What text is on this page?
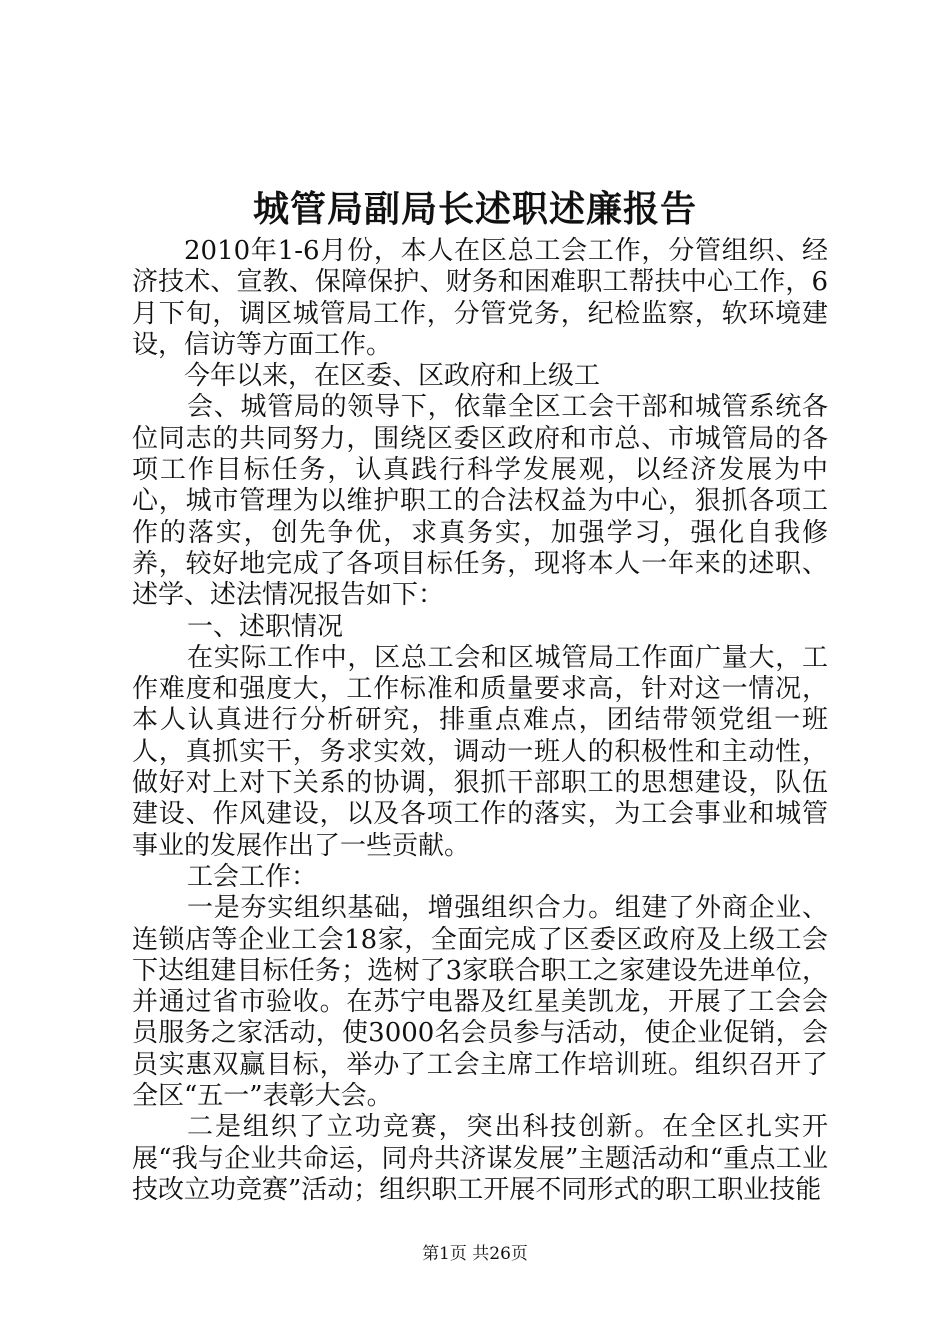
城管局副局长述职述廉报告

2010年1-6月份，本人在区总工会工作，分管组织、经济技术、宣教、保障保护、财务和困难职工帮扶中心工作，6月下旬，调区城管局工作，分管党务，纪检监察，软环境建设，信访等方面工作。

今年以来，在区委、区政府和上级工

会、城管局的领导下，依靠全区工会干部和城管系统各位同志的共同努力，围绕区委区政府和市总、市城管局的各项工作目标任务，认真践行科学发展观，以经济发展为中心，城市管理为以维护职工的合法权益为中心，狠抓各项工作的落实，创先争优，求真务实，加强学习，强化自我修养，较好地完成了各项目标任务，现将本人一年来的述职、述学、述法情况报告如下：

一、述职情况

在实际工作中，区总工会和区城管局工作面广量大，工作难度和强度大，工作标准和质量要求高，针对这一情况，本人认真进行分析研究，排重点难点，团结带领党组一班人，真抓实干，务求实效，调动一班人的积极性和主动性，做好对上对下关系的协调，狠抓干部职工的思想建设，队伍建设、作风建设，以及各项工作的落实，为工会事业和城管事业的发展作出了一些贡献。

工会工作：

一是夯实组织基础，增强组织合力。组建了外商企业、连锁店等企业工会18家，全面完成了区委区政府及上级工会下达组建目标任务；选树了3家联合职工之家建设先进单位，并通过省市验收。在苏宁电器及红星美凯龙，开展了工会会员服务之家活动，使3000名会员参与活动，使企业促销，会员实惠双赢目标，举办了工会主席工作培训班。组织召开了全区“五一”表彰大会。

二是组织了立功竞赛，突出科技创新。在全区扎实开展“我与企业共命运，同舟共济谋发展”主题活动和“重点工业技改立功竞赛”活动；组织职工开展不同形式的职工职业技能

第1页 共26页
